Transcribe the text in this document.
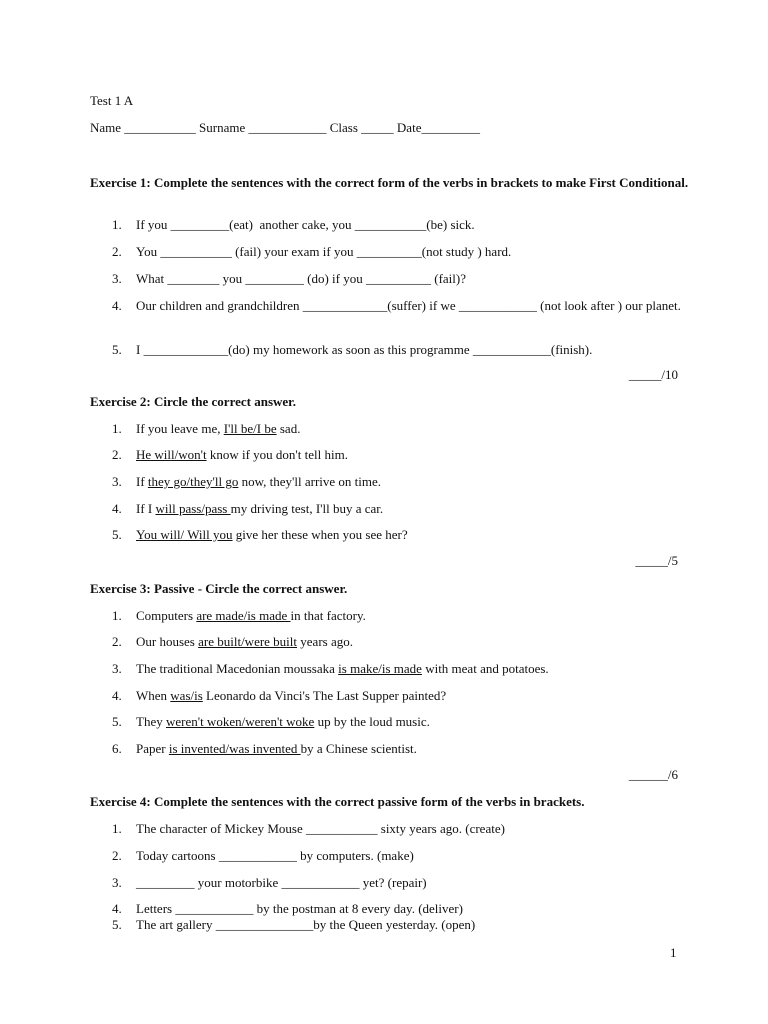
Test 1 A
Name ___________ Surname ____________ Class _____ Date_________
Exercise 1: Complete the sentences with the correct form of the verbs in brackets to make First Conditional.
1.	If you _________(eat)  another cake, you ___________(be) sick.
2.	You ___________ (fail) your exam if you __________(not study ) hard.
3.	What ________ you _________ (do) if you __________ (fail)?
4.	Our children and grandchildren _____________(suffer) if we ____________ (not look after ) our planet.
5.	I _____________(do) my homework as soon as this programme ____________(finish).
_____/10
Exercise 2: Circle the correct answer.
1.	If you leave me, I'll be/I be sad.
2.	He will/won't know if you don't tell him.
3.	If they go/they'll go now, they'll arrive on time.
4.	If I will pass/pass my driving test, I'll buy a car.
5.	You will/ Will you give her these when you see her?
_____/5
Exercise 3: Passive - Circle the correct answer.
1.	Computers are made/is made in that factory.
2.	Our houses are built/were built years ago.
3.	The traditional Macedonian moussaka is make/is made with meat and potatoes.
4.	When was/is Leonardo da Vinci's The Last Supper painted?
5.	They weren't woken/weren't woke up by the loud music.
6.	Paper is invented/was invented by a Chinese scientist.
______/6
Exercise 4: Complete the sentences with the correct passive form of the verbs in brackets.
1.	The character of Mickey Mouse ___________ sixty years ago. (create)
2.	Today cartoons ____________ by computers. (make)
3.	_________ your motorbike ____________ yet? (repair)
4.	Letters ____________ by the postman at 8 every day. (deliver)
5.	The art gallery _______________by the Queen yesterday. (open)
1
